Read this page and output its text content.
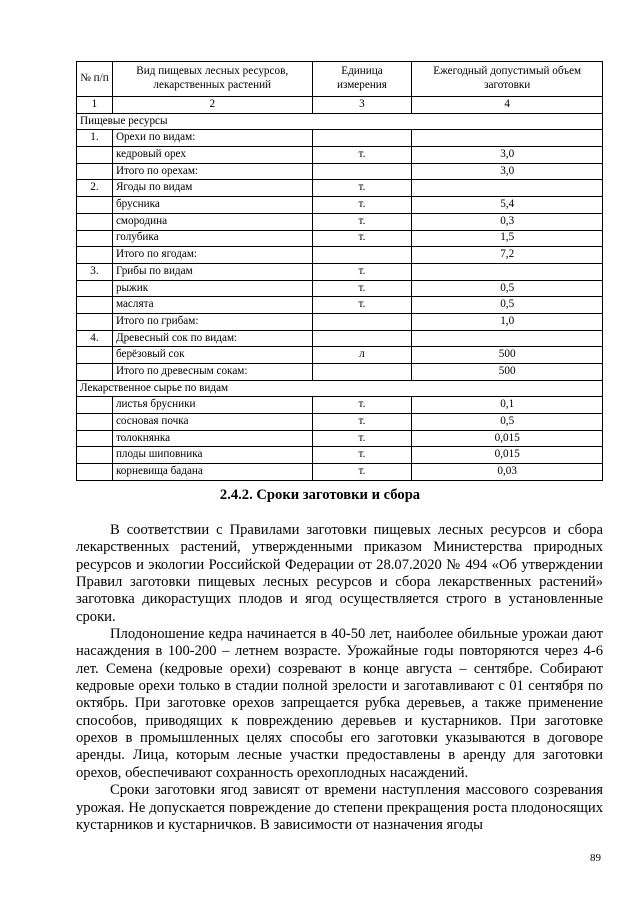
№ п/п	Вид пищевых лесных ресурсов, лекарственных растений	Единица измерения	Ежегодный допустимый объем заготовки
1	2	3	4
Пищевые ресурсы			
1.	Орехи по видам:		
	кедровый орех	т.	3,0
	Итого по орехам:		3,0
2.	Ягоды по видам	т.	
	брусника	т.	5,4
	смородина	т.	0,3
	голубика	т.	1,5
	Итого по ягодам:		7,2
3.	Грибы по видам	т.	
	рыжик	т.	0,5
	маслята	т.	0,5
	Итого по грибам:		1,0
4.	Древесный сок по видам:		
	берёзовый сок	л	500
	Итого по древесным сокам:		500
Лекарственное сырье по видам			
	листья брусники	т.	0,1
	сосновая почка	т.	0,5
	толокнянка	т.	0,015
	плоды шиповника	т.	0,015
	корневища бадана	т.	0,03
2.4.2. Сроки заготовки и сбора

В соответствии с Правилами заготовки пищевых лесных ресурсов и сбора лекарственных растений, утвержденными приказом Министерства природных ресурсов и экологии Российской Федерации от 28.07.2020 № 494 «Об утверждении Правил заготовки пищевых лесных ресурсов и сбора лекарственных растений» заготовка дикорастущих плодов и ягод осуществляется строго в установленные сроки.

Плодоношение кедра начинается в 40-50 лет, наиболее обильные урожаи дают насаждения в 100-200 – летнем возрасте. Урожайные годы повторяются через 4-6 лет. Семена (кедровые орехи) созревают в конце августа – сентябре. Собирают кедровые орехи только в стадии полной зрелости и заготавливают с 01 сентября по октябрь. При заготовке орехов запрещается рубка деревьев, а также применение способов, приводящих к повреждению деревьев и кустарников. При заготовке орехов в промышленных целях способы его заготовки указываются в договоре аренды. Лица, которым лесные участки предоставлены в аренду для заготовки орехов, обеспечивают сохранность орехоплодных насаждений.

Сроки заготовки ягод зависят от времени наступления массового созревания урожая. Не допускается повреждение до степени прекращения роста плодоносящих кустарников и кустарничков. В зависимости от назначения ягоды

89
